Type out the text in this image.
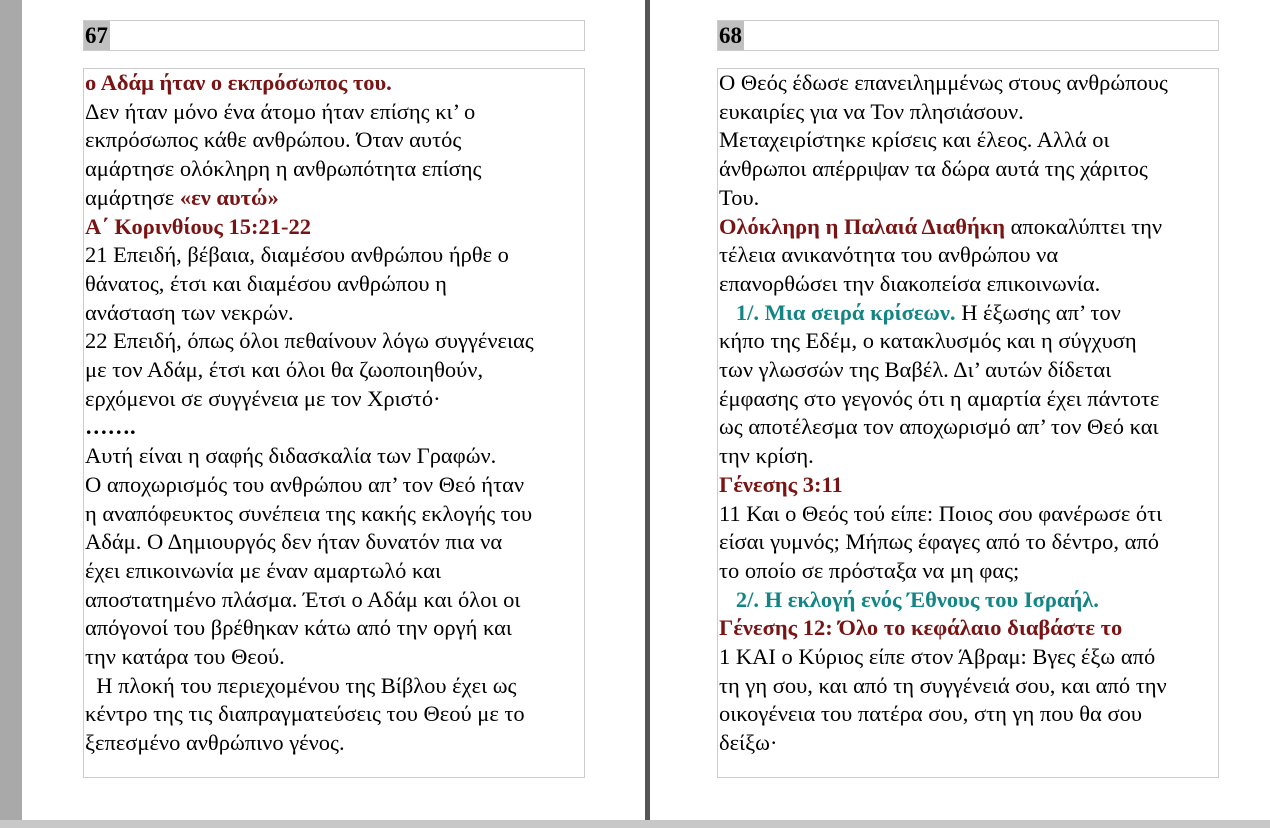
67
ο Αδάμ ήταν ο εκπρόσωπος του.
Δεν ήταν μόνο ένα άτομο ήταν επίσης κι’ ο
εκπρόσωπος κάθε ανθρώπου. Όταν αυτός
αμάρτησε ολόκληρη η ανθρωπότητα επίσης
αμάρτησε «εν αυτώ»
Α΄ Κορινθίους 15:21-22
21 Επειδή, βέβαια, διαμέσου ανθρώπου ήρθε ο
θάνατος, έτσι και διαμέσου ανθρώπου η
ανάσταση των νεκρών.
22 Επειδή, όπως όλοι πεθαίνουν λόγω συγγένειας
με τον Αδάμ, έτσι και όλοι θα ζωοποιηθούν,
ερχόμενοι σε συγγένεια με τον Χριστό·
…….
Αυτή είναι η σαφής διδασκαλία των Γραφών.
Ο αποχωρισμός του ανθρώπου απ’ τον Θεό ήταν
η αναπόφευκτος συνέπεια της κακής εκλογής του
Αδάμ. Ο Δημιουργός δεν ήταν δυνατόν πια να
έχει επικοινωνία με έναν αμαρτωλό και
αποστατημένο πλάσμα. Έτσι ο Αδάμ και όλοι οι
απόγονοί του βρέθηκαν κάτω από την οργή και
την κατάρα του Θεού.
Η πλοκή του περιεχομένου της Βίβλου έχει ως
κέντρο της τις διαπραγματεύσεις του Θεού με το
ξεπεσμένο ανθρώπινο γένος.
68
Ο Θεός έδωσε επανειλημμένως στους ανθρώπους
ευκαιρίες για να Τον πλησιάσουν.
Μεταχειρίστηκε κρίσεις και έλεος. Αλλά οι
άνθρωποι απέρριψαν τα δώρα αυτά της χάριτος
Του.
Ολόκληρη η Παλαιά Διαθήκη αποκαλύπτει την
τέλεια ανικανότητα του ανθρώπου να
επανορθώσει την διακοπείσα επικοινωνία.
1/. Μια σειρά κρίσεων. Η έξωσης απ’ τον
κήπο της Εδέμ, ο κατακλυσμός και η σύγχυση
των γλωσσών της Βαβέλ. Δι’ αυτών δίδεται
έμφασης στο γεγονός ότι η αμαρτία έχει πάντοτε
ως αποτέλεσμα τον αποχωρισμό απ’ τον Θεό και
την κρίση.
Γένεσης 3:11
11 Και ο Θεός τού είπε: Ποιος σου φανέρωσε ότι
είσαι γυμνός; Μήπως έφαγες από το δέντρο, από
το οποίο σε πρόσταξα να μη φας;
2/. Η εκλογή ενός Έθνους του Ισραήλ.
Γένεσης 12: Όλο το κεφάλαιο διαβάστε το
1 ΚΑΙ ο Κύριος είπε στον Άβραμ: Βγες έξω από
τη γη σου, και από τη συγγένειά σου, και από την
οικογένεια του πατέρα σου, στη γη που θα σου
δείξω·
